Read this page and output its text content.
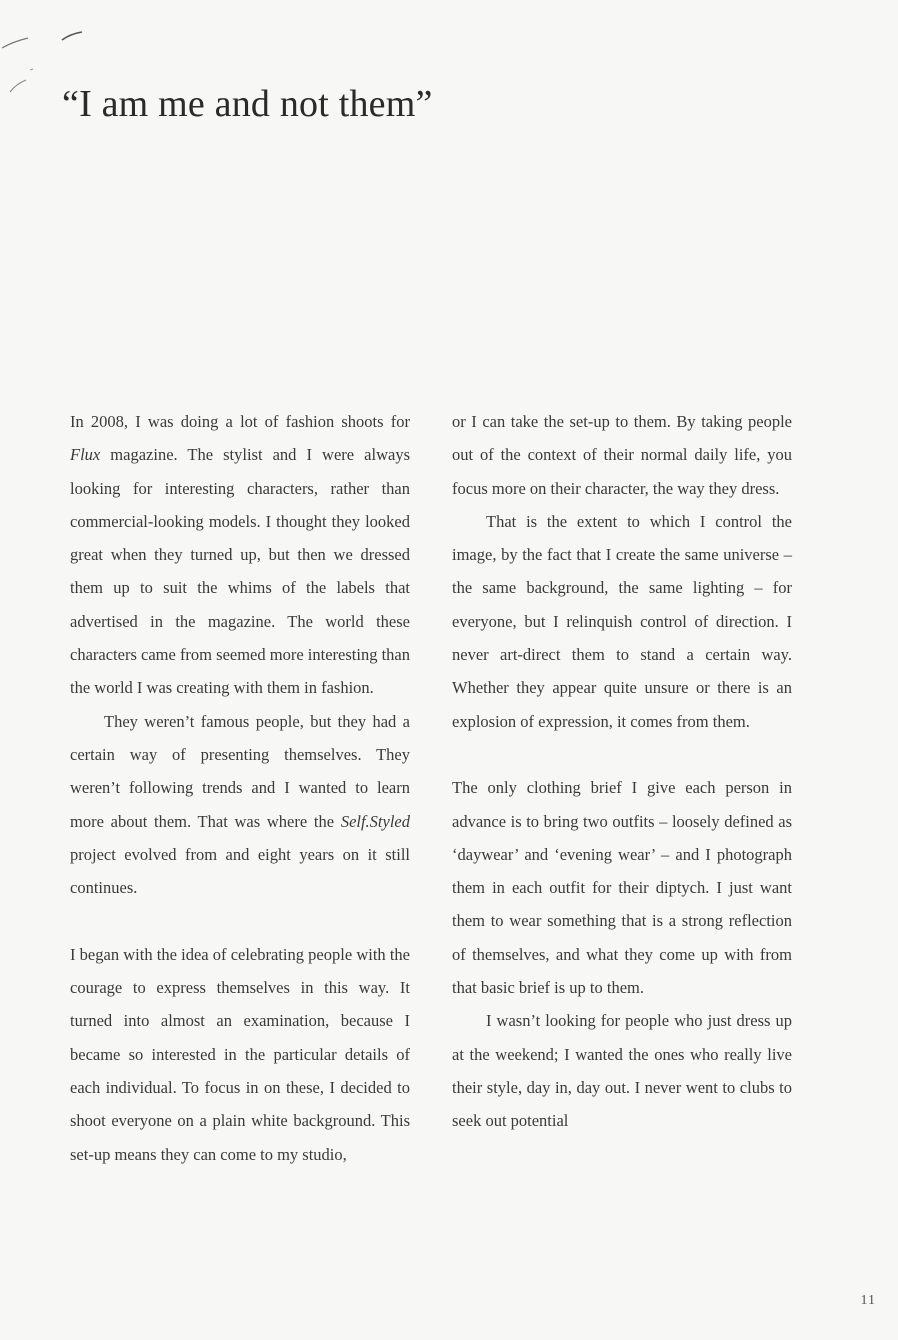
“I am me and not them”

In 2008, I was doing a lot of fashion shoots for Flux magazine. The stylist and I were always looking for interesting characters, rather than commercial-looking models. I thought they looked great when they turned up, but then we dressed them up to suit the whims of the labels that advertised in the magazine. The world these characters came from seemed more interesting than the world I was creating with them in fashion.

They weren’t famous people, but they had a certain way of presenting themselves. They weren’t following trends and I wanted to learn more about them. That was where the Self.Styled project evolved from and eight years on it still continues.

I began with the idea of celebrating people with the courage to express themselves in this way. It turned into almost an examination, because I became so interested in the particular details of each individual. To focus in on these, I decided to shoot everyone on a plain white background. This set-up means they can come to my studio,

or I can take the set-up to them. By taking people out of the context of their normal daily life, you focus more on their character, the way they dress.

That is the extent to which I control the image, by the fact that I create the same universe – the same background, the same lighting – for everyone, but I relinquish control of direction. I never art-direct them to stand a certain way. Whether they appear quite unsure or there is an explosion of expression, it comes from them.

The only clothing brief I give each person in advance is to bring two outfits – loosely defined as ‘daywear’ and ‘evening wear’ – and I photograph them in each outfit for their diptych. I just want them to wear something that is a strong reflection of themselves, and what they come up with from that basic brief is up to them.

I wasn’t looking for people who just dress up at the weekend; I wanted the ones who really live their style, day in, day out. I never went to clubs to seek out potential

11
